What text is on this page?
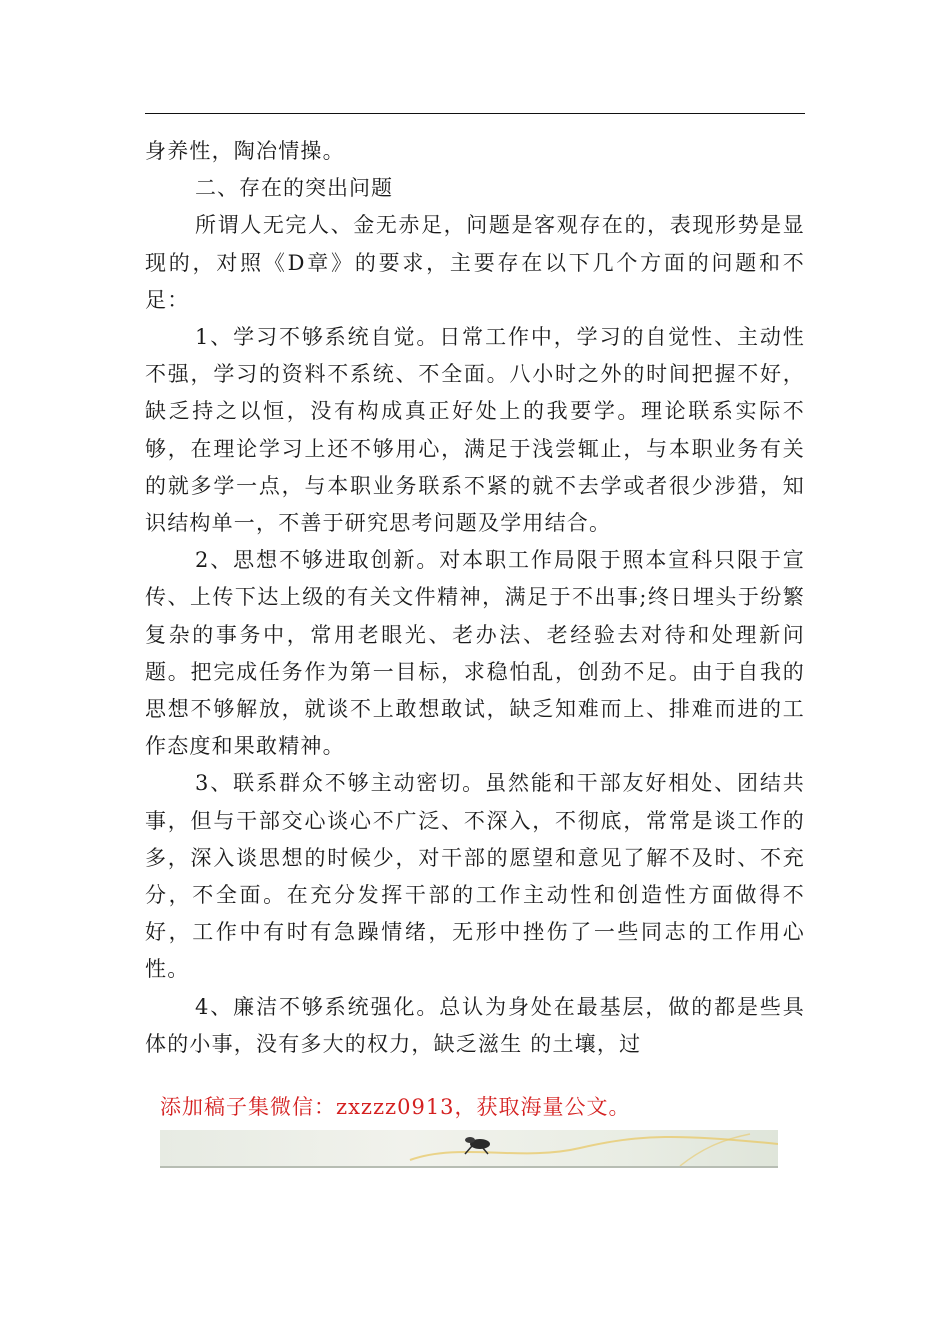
身养性，陶冶情操。

二、存在的突出问题

所谓人无完人、金无赤足，问题是客观存在的，表现形势是显现的，对照《D章》的要求，主要存在以下几个方面的问题和不足：

1、学习不够系统自觉。日常工作中，学习的自觉性、主动性不强，学习的资料不系统、不全面。八小时之外的时间把握不好，缺乏持之以恒，没有构成真正好处上的我要学。理论联系实际不够，在理论学习上还不够用心，满足于浅尝辄止，与本职业务有关的就多学一点，与本职业务联系不紧的就不去学或者很少涉猎，知识结构单一，不善于研究思考问题及学用结合。

2、思想不够进取创新。对本职工作局限于照本宣科只限于宣传、上传下达上级的有关文件精神，满足于不出事;终日埋头于纷繁复杂的事务中，常用老眼光、老办法、老经验去对待和处理新问题。把完成任务作为第一目标，求稳怕乱，创劲不足。由于自我的思想不够解放，就谈不上敢想敢试，缺乏知难而上、排难而进的工作态度和果敢精神。

3、联系群众不够主动密切。虽然能和干部友好相处、团结共事，但与干部交心谈心不广泛、不深入，不彻底，常常是谈工作的多，深入谈思想的时候少，对干部的愿望和意见了解不及时、不充分，不全面。在充分发挥干部的工作主动性和创造性方面做得不好，工作中有时有急躁情绪，无形中挫伤了一些同志的工作用心性。

4、廉洁不够系统强化。总认为身处在最基层，做的都是些具体的小事，没有多大的权力，缺乏滋生 的土壤，过

添加稿子集微信：zxzzz0913，获取海量公文。
